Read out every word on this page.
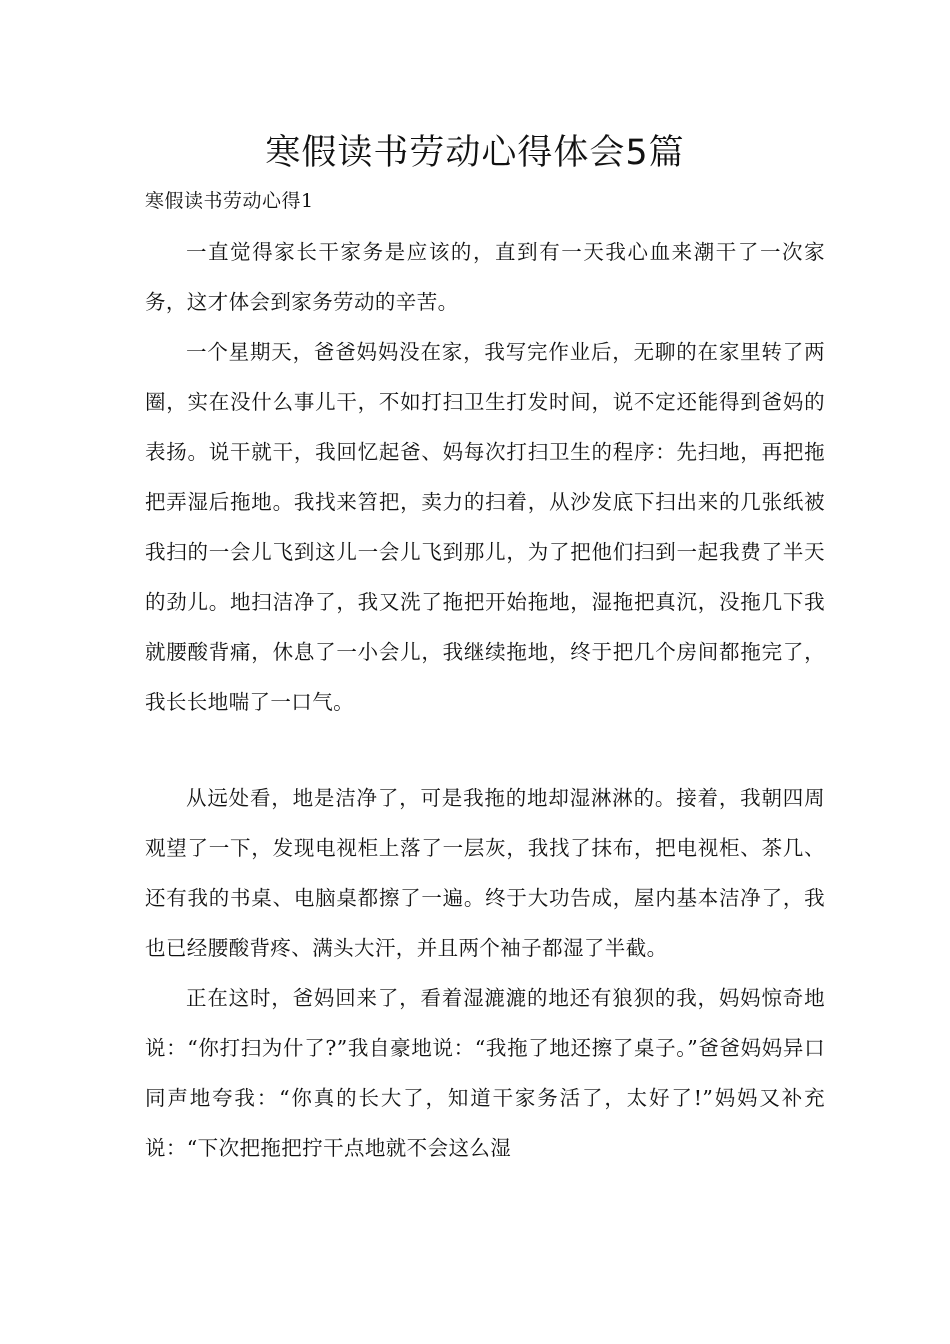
寒假读书劳动心得体会5篇

寒假读书劳动心得1

一直觉得家长干家务是应该的，直到有一天我心血来潮干了一次家务，这才体会到家务劳动的辛苦。

一个星期天，爸爸妈妈没在家，我写完作业后，无聊的在家里转了两圈，实在没什么事儿干，不如打扫卫生打发时间，说不定还能得到爸妈的表扬。说干就干，我回忆起爸、妈每次打扫卫生的程序：先扫地，再把拖把弄湿后拖地。我找来笤把，卖力的扫着，从沙发底下扫出来的几张纸被我扫的一会儿飞到这儿一会儿飞到那儿，为了把他们扫到一起我费了半天的劲儿。地扫洁净了，我又洗了拖把开始拖地，湿拖把真沉，没拖几下我就腰酸背痛，休息了一小会儿，我继续拖地，终于把几个房间都拖完了，我长长地喘了一口气。

从远处看，地是洁净了，可是我拖的地却湿淋淋的。接着，我朝四周观望了一下，发现电视柜上落了一层灰，我找了抹布，把电视柜、茶几、还有我的书桌、电脑桌都擦了一遍。终于大功告成，屋内基本洁净了，我也已经腰酸背疼、满头大汗，并且两个袖子都湿了半截。

正在这时，爸妈回来了，看着湿漉漉的地还有狼狈的我，妈妈惊奇地说：“你打扫为什了?”我自豪地说：“我拖了地还擦了桌子。”爸爸妈妈异口同声地夸我：“你真的长大了，知道干家务活了，太好了!”妈妈又补充说：“下次把拖把拧干点地就不会这么湿
